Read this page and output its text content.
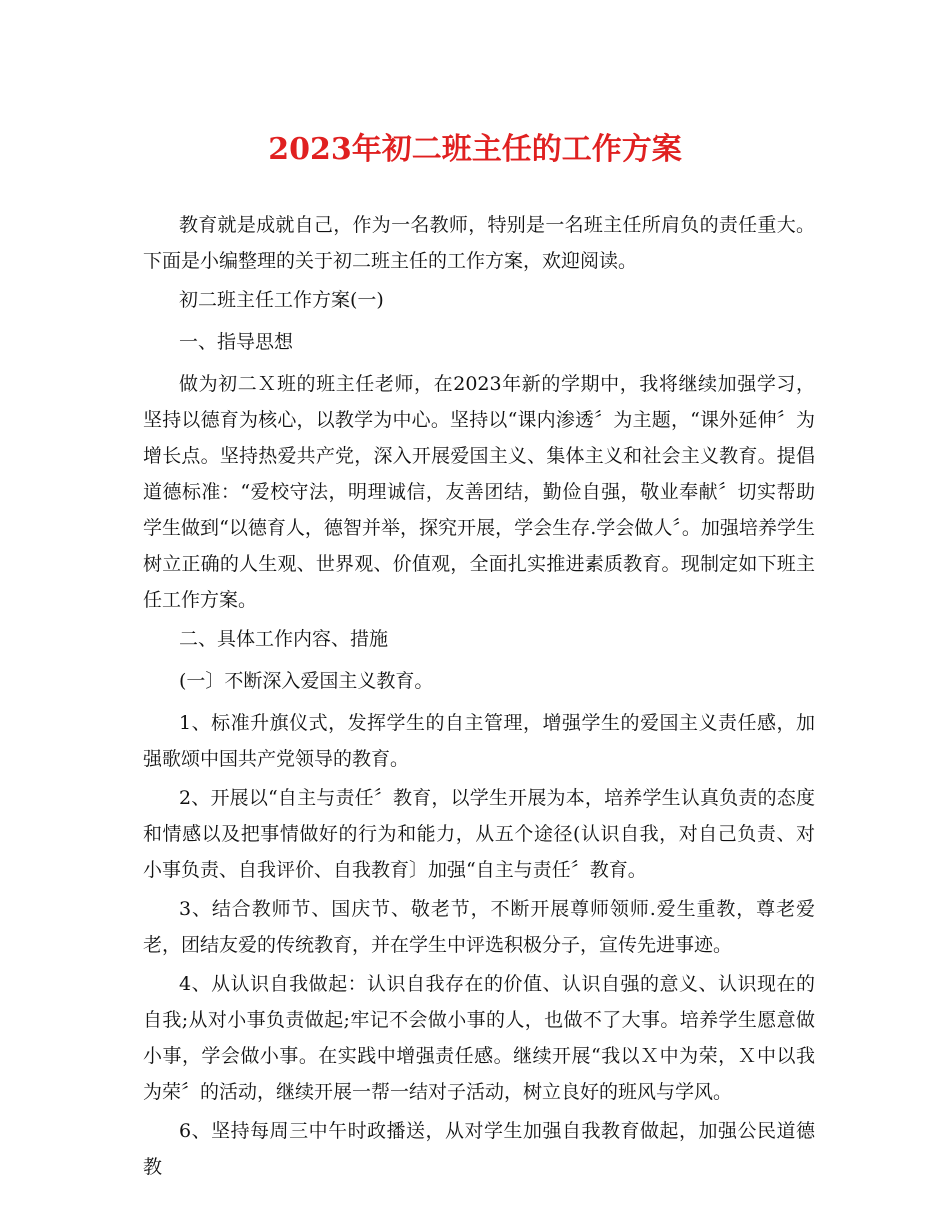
2023年初二班主任的工作方案

教育就是成就自己，作为一名教师，特别是一名班主任所肩负的责任重大。下面是小编整理的关于初二班主任的工作方案，欢迎阅读。

初二班主任工作方案(一)

一、指导思想

做为初二Ｘ班的班主任老师，在2023年新的学期中，我将继续加强学习，坚持以德育为核心，以教学为中心。坚持以“课内渗透〞为主题，“课外延伸〞为增长点。坚持热爱共产党，深入开展爱国主义、集体主义和社会主义教育。提倡道德标准：“爱校守法，明理诚信，友善团结，勤俭自强，敬业奉献〞切实帮助学生做到“以德育人，德智并举，探究开展，学会生存.学会做人〞。加强培养学生树立正确的人生观、世界观、价值观，全面扎实推进素质教育。现制定如下班主任工作方案。

二、具体工作内容、措施

(一〕不断深入爱国主义教育。

1、标准升旗仪式，发挥学生的自主管理，增强学生的爱国主义责任感，加强歌颂中国共产党领导的教育。

2、开展以“自主与责任〞教育，以学生开展为本，培养学生认真负责的态度和情感以及把事情做好的行为和能力，从五个途径(认识自我，对自己负责、对小事负责、自我评价、自我教育〕加强“自主与责任〞教育。

3、结合教师节、国庆节、敬老节，不断开展尊师领师.爱生重教，尊老爱老，团结友爱的传统教育，并在学生中评选积极分子，宣传先进事迹。

4、从认识自我做起：认识自我存在的价值、认识自强的意义、认识现在的自我;从对小事负责做起;牢记不会做小事的人，也做不了大事。培养学生愿意做小事，学会做小事。在实践中增强责任感。继续开展“我以Ｘ中为荣，Ｘ中以我为荣〞的活动，继续开展一帮一结对子活动，树立良好的班风与学风。

6、坚持每周三中午时政播送，从对学生加强自我教育做起，加强公民道德教
